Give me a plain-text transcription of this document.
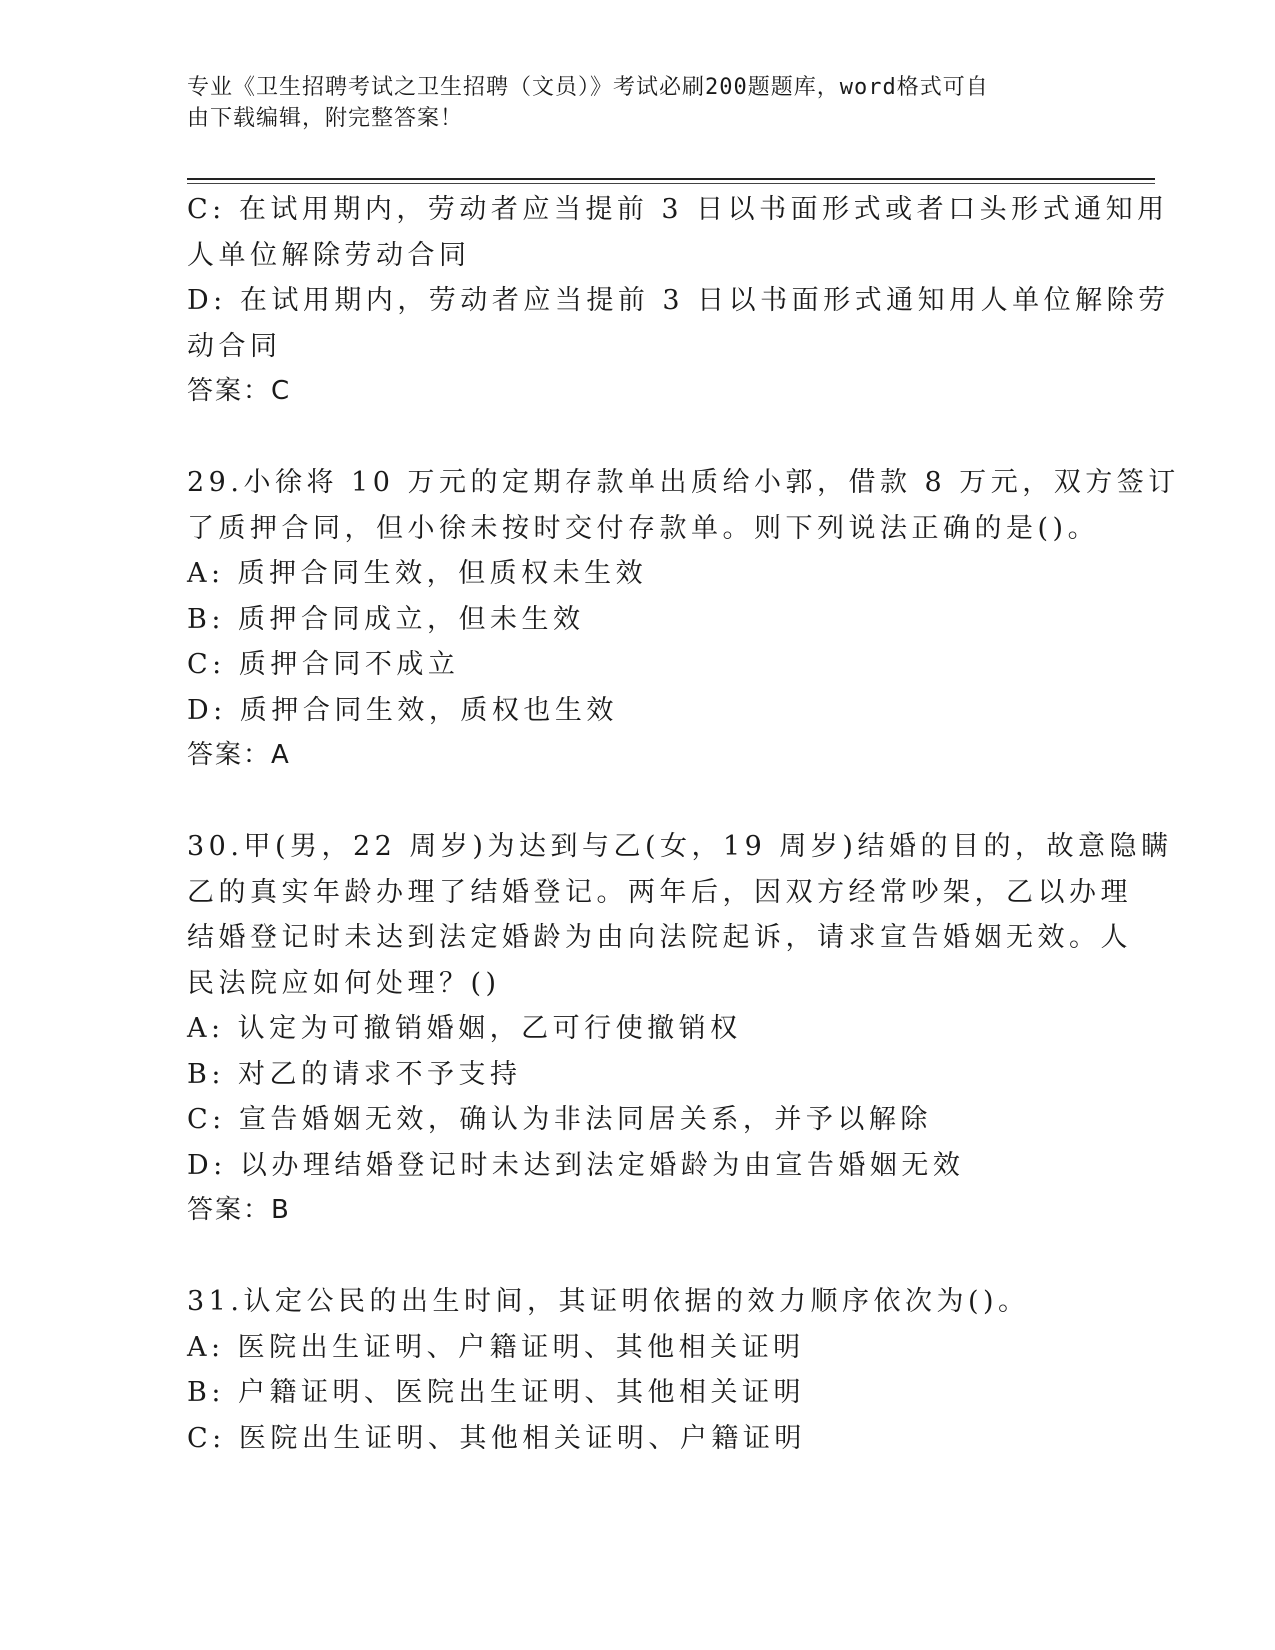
专业《卫生招聘考试之卫生招聘（文员）》考试必刷200题题库，word格式可自
由下载编辑，附完整答案！
C: 在试用期内，劳动者应当提前 3 日以书面形式或者口头形式通知用
人单位解除劳动合同
D: 在试用期内，劳动者应当提前 3 日以书面形式通知用人单位解除劳
动合同
答案：C
29.小徐将 10 万元的定期存款单出质给小郭，借款 8 万元，双方签订
了质押合同，但小徐未按时交付存款单。则下列说法正确的是()。
A: 质押合同生效，但质权未生效
B: 质押合同成立，但未生效
C: 质押合同不成立
D: 质押合同生效，质权也生效
答案：A
30.甲(男，22 周岁)为达到与乙(女，19 周岁)结婚的目的，故意隐瞒
乙的真实年龄办理了结婚登记。两年后，因双方经常吵架，乙以办理
结婚登记时未达到法定婚龄为由向法院起诉，请求宣告婚姻无效。人
民法院应如何处理？()
A: 认定为可撤销婚姻，乙可行使撤销权
B: 对乙的请求不予支持
C: 宣告婚姻无效，确认为非法同居关系，并予以解除
D: 以办理结婚登记时未达到法定婚龄为由宣告婚姻无效
答案：B
31.认定公民的出生时间，其证明依据的效力顺序依次为()。
A: 医院出生证明、户籍证明、其他相关证明
B: 户籍证明、医院出生证明、其他相关证明
C: 医院出生证明、其他相关证明、户籍证明
